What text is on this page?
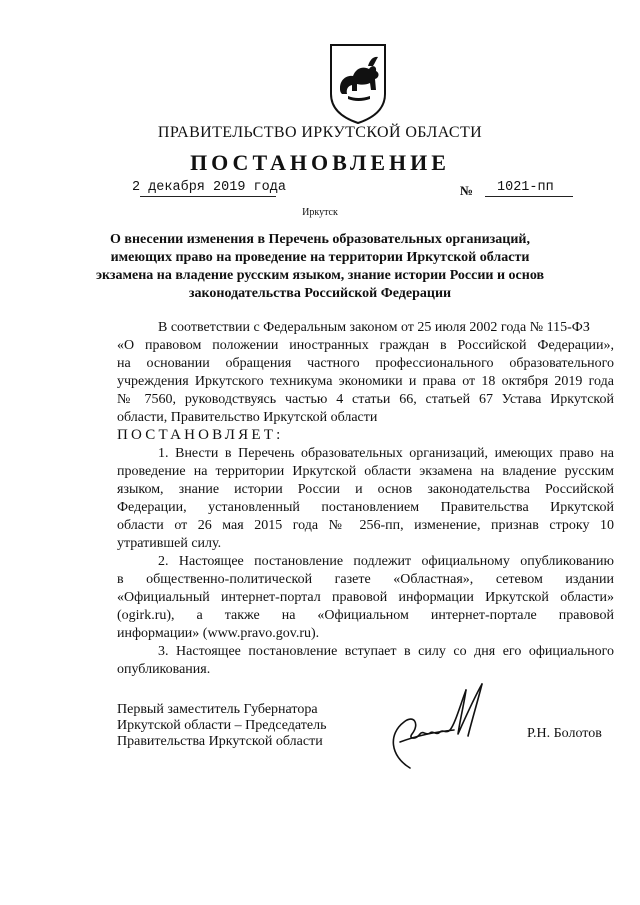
ПРАВИТЕЛЬСТВО ИРКУТСКОЙ ОБЛАСТИ
ПОСТАНОВЛЕНИЕ
2 декабря 2019 года	№ 1021-пп
Иркутск
О внесении изменения в Перечень образовательных организаций,
имеющих право на проведение на территории Иркутской области
экзамена на владение русским языком, знание истории России и основ
законодательства Российской Федерации
В соответствии с Федеральным законом от 25 июля 2002 года № 115-ФЗ
«О правовом положении иностранных граждан в Российской Федерации»,
на основании обращения частного профессионального образовательного
учреждения Иркутского техникума экономики и права от 18 октября 2019 года
№ 7560, руководствуясь частью 4 статьи 66, статьей 67 Устава Иркутской
области, Правительство Иркутской области
ПОСТАНОВЛЯЕТ:
1. Внести в Перечень образовательных организаций, имеющих право на
проведение на территории Иркутской области экзамена на владение русским
языком, знание истории России и основ законодательства Российской
Федерации, установленный постановлением Правительства Иркутской
области от 26 мая 2015 года № 256-пп, изменение, признав строку 10
утратившей силу.
2. Настоящее постановление подлежит официальному опубликованию
в общественно-политической газете «Областная», сетевом издании
«Официальный интернет-портал правовой информации Иркутской области»
(ogirk.ru), а также на «Официальном интернет-портале правовой
информации» (www.pravo.gov.ru).
3. Настоящее постановление вступает в силу со дня его официального
опубликования.
Первый заместитель Губернатора
Иркутской области – Председатель
Правительства Иркутской области
Р.Н. Болотов
